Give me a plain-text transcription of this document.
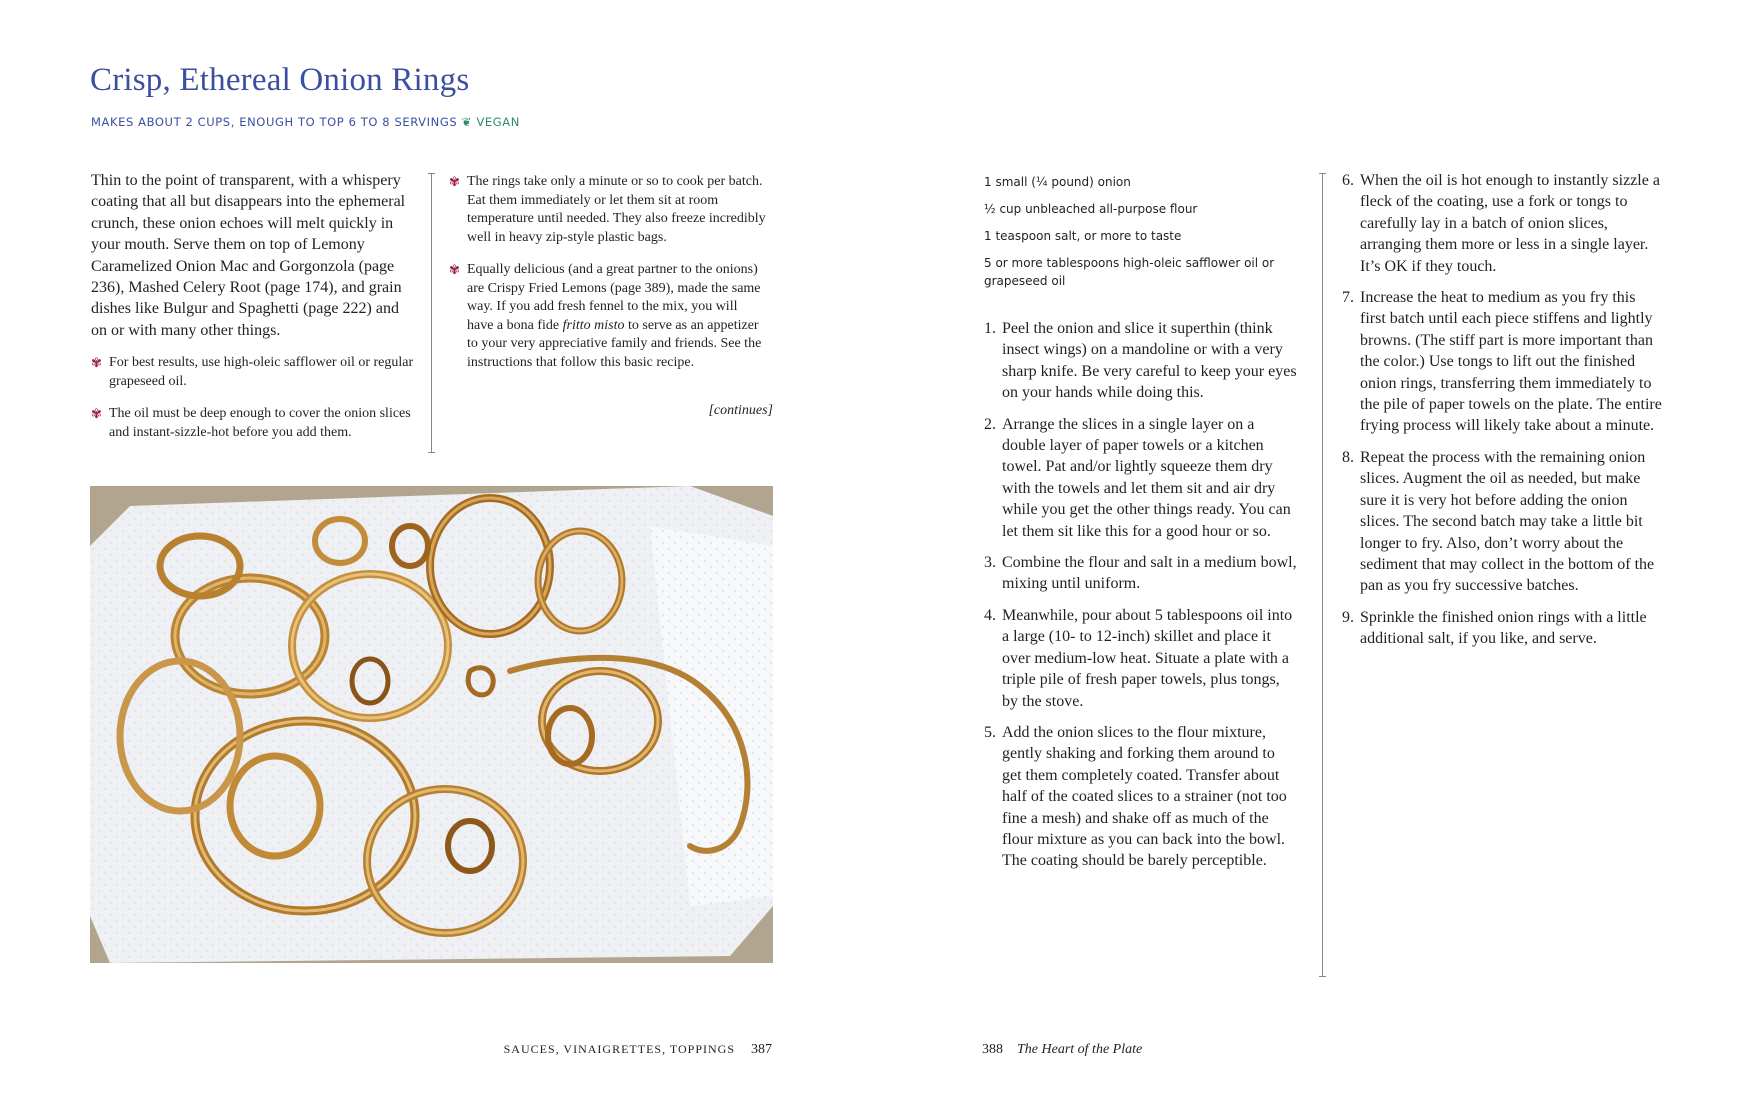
Crisp, Ethereal Onion Rings
MAKES ABOUT 2 CUPS, ENOUGH TO TOP 6 TO 8 SERVINGS ❦ VEGAN
Thin to the point of transparent, with a whispery coating that all but disappears into the ephemeral crunch, these onion echoes will melt quickly in your mouth. Serve them on top of Lemony Caramelized Onion Mac and Gorgonzola (page 236), Mashed Celery Root (page 174), and grain dishes like Bulgur and Spaghetti (page 222) and on or with many other things.
✾ For best results, use high-oleic safflower oil or regular grapeseed oil.
✾ The oil must be deep enough to cover the onion slices and instant-sizzle-hot before you add them.
✾ The rings take only a minute or so to cook per batch. Eat them immediately or let them sit at room temperature until needed. They also freeze incredibly well in heavy zip-style plastic bags.
✾ Equally delicious (and a great partner to the onions) are Crispy Fried Lemons (page 389), made the same way. If you add fresh fennel to the mix, you will have a bona fide fritto misto to serve as an appetizer to your very appreciative family and friends. See the instructions that follow this basic recipe.
[continues]
SAUCES, VINAIGRETTES, TOPPINGS 387
1 small (¼ pound) onion
½ cup unbleached all-purpose flour
1 teaspoon salt, or more to taste
5 or more tablespoons high-oleic safflower oil or grapeseed oil
1. Peel the onion and slice it superthin (think insect wings) on a mandoline or with a very sharp knife. Be very careful to keep your eyes on your hands while doing this.
2. Arrange the slices in a single layer on a double layer of paper towels or a kitchen towel. Pat and/or lightly squeeze them dry with the towels and let them sit and air dry while you get the other things ready. You can let them sit like this for a good hour or so.
3. Combine the flour and salt in a medium bowl, mixing until uniform.
4. Meanwhile, pour about 5 tablespoons oil into a large (10- to 12-inch) skillet and place it over medium-low heat. Situate a plate with a triple pile of fresh paper towels, plus tongs, by the stove.
5. Add the onion slices to the flour mixture, gently shaking and forking them around to get them completely coated. Transfer about half of the coated slices to a strainer (not too fine a mesh) and shake off as much of the flour mixture as you can back into the bowl. The coating should be barely perceptible.
6. When the oil is hot enough to instantly sizzle a fleck of the coating, use a fork or tongs to carefully lay in a batch of onion slices, arranging them more or less in a single layer. It’s OK if they touch.
7. Increase the heat to medium as you fry this first batch until each piece stiffens and lightly browns. (The stiff part is more important than the color.) Use tongs to lift out the finished onion rings, transferring them immediately to the pile of paper towels on the plate. The entire frying process will likely take about a minute.
8. Repeat the process with the remaining onion slices. Augment the oil as needed, but make sure it is very hot before adding the onion slices. The second batch may take a little bit longer to fry. Also, don’t worry about the sediment that may collect in the bottom of the pan as you fry successive batches.
9. Sprinkle the finished onion rings with a little additional salt, if you like, and serve.
388 The Heart of the Plate
